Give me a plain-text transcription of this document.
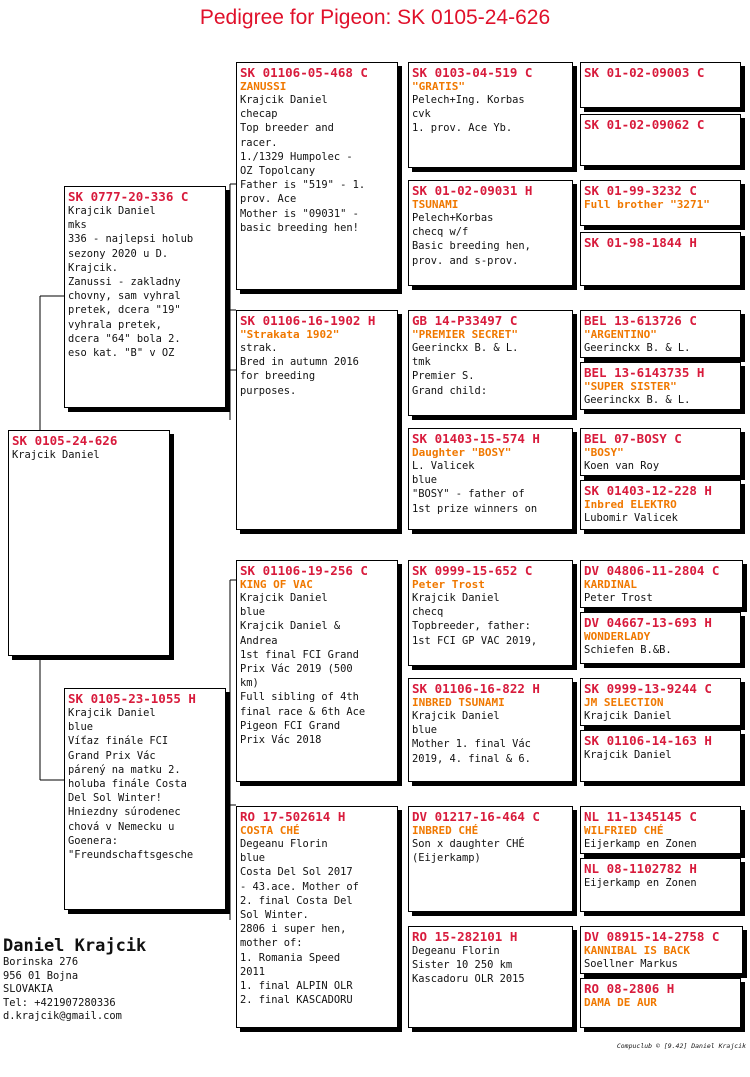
Pedigree for Pigeon: SK 0105-24-626
SK 0105-24-626
Krajcik Daniel
SK 0777-20-336 C
Krajcik Daniel
mks
336 - najlepsi holub
sezony 2020 u D.
Krajcik.
Zanussi - zakladny
chovny, sam vyhral
pretek, dcera "19"
vyhrala pretek,
dcera "64" bola 2.
eso kat. "B" v OZ
SK 0105-23-1055 H
Krajcik Daniel
blue
Víťaz finále FCI
Grand Prix Vác
párený na matku 2.
holuba finále Costa
Del Sol Winter!
Hniezdny súrodenec
chová v Nemecku u
Goenera:
"Freundschaftsgesche
SK 01106-05-468 C
ZANUSSI
Krajcik Daniel
checap
Top breeder and
racer.
1./1329 Humpolec -
OZ Topolcany
Father is "519" - 1.
prov. Ace
Mother is "09031" -
basic breeding hen!
SK 01106-16-1902 H
"Strakata 1902"
strak.
Bred in autumn 2016
for breeding
purposes.
SK 01106-19-256 C
KING OF VAC
Krajcik Daniel
blue
Krajcik Daniel &
Andrea
1st final FCI Grand
Prix Vác 2019 (500
km)
Full sibling of 4th
final race & 6th Ace
Pigeon FCI Grand
Prix Vác 2018
RO 17-502614 H
COSTA CHÉ
Degeanu Florin
blue
Costa Del Sol 2017
- 43.ace. Mother of
2. final Costa Del
Sol Winter.
2806 i super hen,
mother of:
1. Romania Speed
2011
1. final ALPIN OLR
2. final KASCADORU
SK 0103-04-519 C
"GRATIS"
Pelech+Ing. Korbas
cvk
1. prov. Ace Yb.
SK 01-02-09031 H
TSUNAMI
Pelech+Korbas
checq w/f
Basic breeding hen,
prov. and s-prov.
GB 14-P33497 C
"PREMIER SECRET"
Geerinckx B. & L.
tmk
Premier S.
Grand child:
SK 01403-15-574 H
Daughter "BOSY"
L. Valicek
blue
"BOSY" - father of
1st prize winners on
SK 0999-15-652 C
Peter Trost
Krajcik Daniel
checq
Topbreeder, father:
1st FCI GP VAC 2019,
SK 01106-16-822 H
INBRED TSUNAMI
Krajcik Daniel
blue
Mother 1. final Vác
2019, 4. final & 6.
DV 01217-16-464 C
INBRED CHÉ
Son x daughter CHÉ
(Eijerkamp)
RO 15-282101 H
Degeanu Florin
Sister 10 250 km
Kascadoru OLR 2015
SK 01-02-09003 C
SK 01-02-09062 C
SK 01-99-3232 C
Full brother "3271"
SK 01-98-1844 H
BEL 13-613726 C
"ARGENTINO"
Geerinckx B. & L.
BEL 13-6143735 H
"SUPER SISTER"
Geerinckx B. & L.
BEL 07-BOSY C
"BOSY"
Koen van Roy
SK 01403-12-228 H
Inbred ELEKTRO
Lubomir Valicek
DV 04806-11-2804 C
KARDINAL
Peter Trost
DV 04667-13-693 H
WONDERLADY
Schiefen B.&B.
SK 0999-13-9244 C
JM SELECTION
Krajcik Daniel
SK 01106-14-163 H
Krajcik Daniel
NL 11-1345145 C
WILFRIED CHÉ
Eijerkamp en Zonen
NL 08-1102782 H
Eijerkamp en Zonen
DV 08915-14-2758 C
KANNIBAL IS BACK
Soellner Markus
RO 08-2806 H
DAMA DE AUR
Daniel Krajcik
Borinska 276
956 01 Bojna
SLOVAKIA
Tel: +421907280336
d.krajcik@gmail.com
Compuclub © [9.42] Daniel Krajcik
